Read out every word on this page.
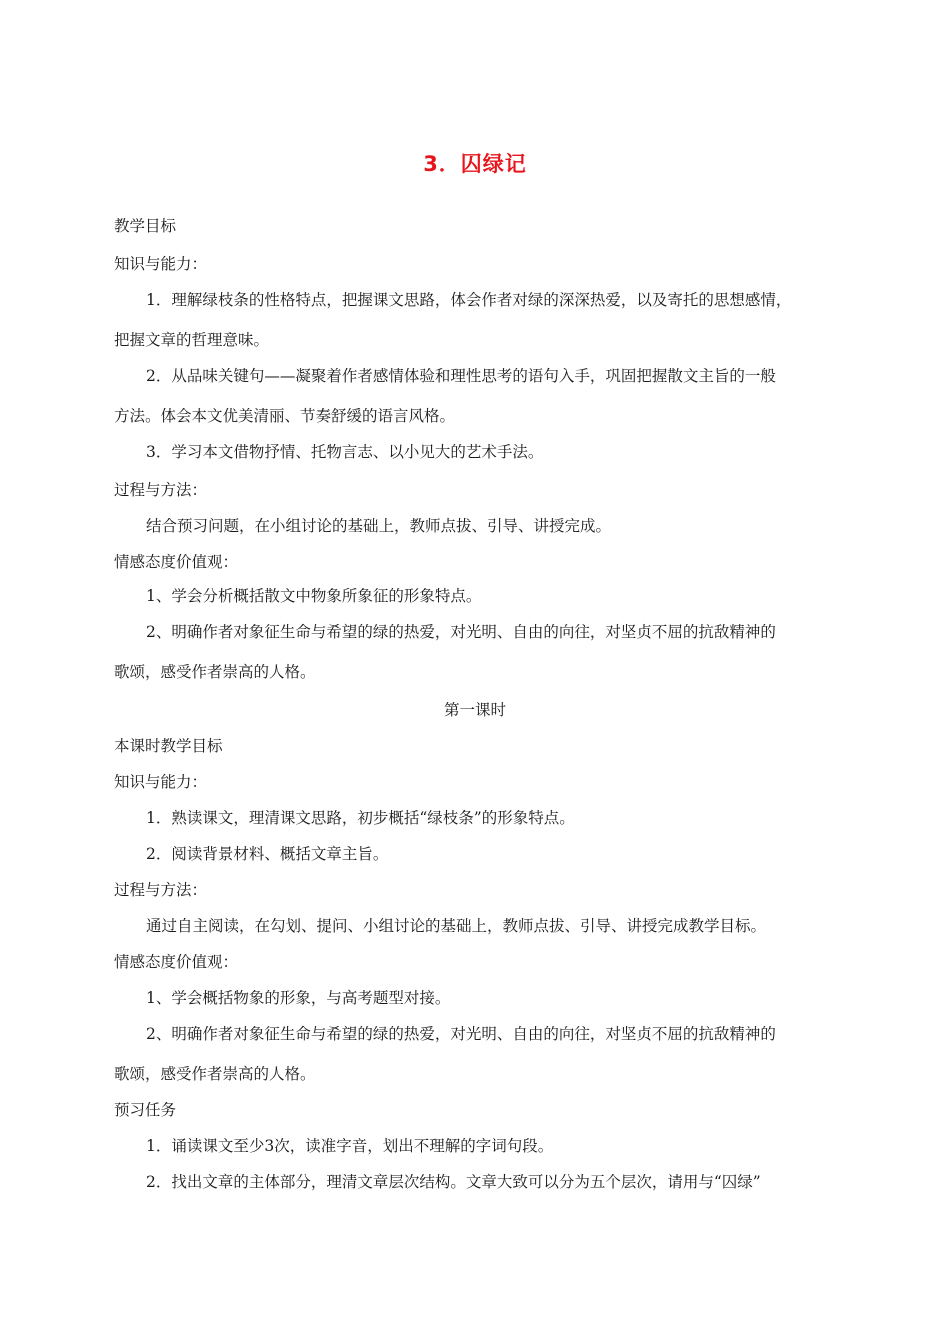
3．囚绿记
教学目标
知识与能力：
1．理解绿枝条的性格特点，把握课文思路，体会作者对绿的深深热爱，以及寄托的思想感情，
把握文章的哲理意味。
2．从品味关键句——凝聚着作者感情体验和理性思考的语句入手，巩固把握散文主旨的一般
方法。体会本文优美清丽、节奏舒缓的语言风格。
3．学习本文借物抒情、托物言志、以小见大的艺术手法。
过程与方法：
结合预习问题，在小组讨论的基础上，教师点拔、引导、讲授完成。
情感态度价值观：
1、学会分析概括散文中物象所象征的形象特点。
2、明确作者对象征生命与希望的绿的热爱，对光明、自由的向往，对坚贞不屈的抗敌精神的
歌颂，感受作者崇高的人格。
第一课时
本课时教学目标
知识与能力：
1．熟读课文，理清课文思路，初步概括“绿枝条”的形象特点。
2．阅读背景材料、概括文章主旨。
过程与方法：
通过自主阅读，在勾划、提问、小组讨论的基础上，教师点拔、引导、讲授完成教学目标。
情感态度价值观：
1、学会概括物象的形象，与高考题型对接。
2、明确作者对象征生命与希望的绿的热爱，对光明、自由的向往，对坚贞不屈的抗敌精神的
歌颂，感受作者崇高的人格。
预习任务
1．诵读课文至少3次，读准字音，划出不理解的字词句段。
2．找出文章的主体部分，理清文章层次结构。文章大致可以分为五个层次，请用与“囚绿”
